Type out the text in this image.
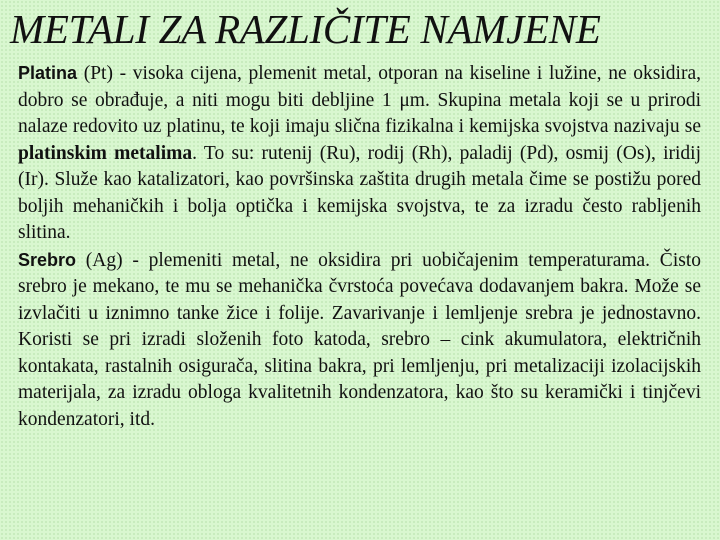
METALI ZA RAZLIČITE NAMJENE

Platina (Pt) - visoka cijena, plemenit metal, otporan na kiseline i lužine, ne oksidira, dobro se obrađuje, a niti mogu biti debljine 1 μm. Skupina metala koji se u prirodi nalaze redovito uz platinu, te koji imaju slična fizikalna i kemijska svojstva nazivaju se platinskim metalima. To su: rutenij (Ru), rodij (Rh), paladij (Pd), osmij (Os), iridij (Ir). Služe kao katalizatori, kao površinska zaštita drugih metala čime se postižu pored boljih mehaničkih i bolja optička i kemijska svojstva, te za izradu često rabljenih slitina.

Srebro (Ag) - plemeniti metal, ne oksidira pri uobičajenim temperaturama. Čisto srebro je mekano, te mu se mehanička čvrstoća povećava dodavanjem bakra. Može se izvlačiti u iznimno tanke žice i folije. Zavarivanje i lemljenje srebra je jednostavno. Koristi se pri izradi složenih foto katoda, srebro – cink akumulatora, električnih kontakata, rastalnih osigurača, slitina bakra, pri lemljenju, pri metalizaciji izolacijskih materijala, za izradu obloga kvalitetnih kondenzatora, kao što su keramički i tinjčevi kondenzatori, itd.
